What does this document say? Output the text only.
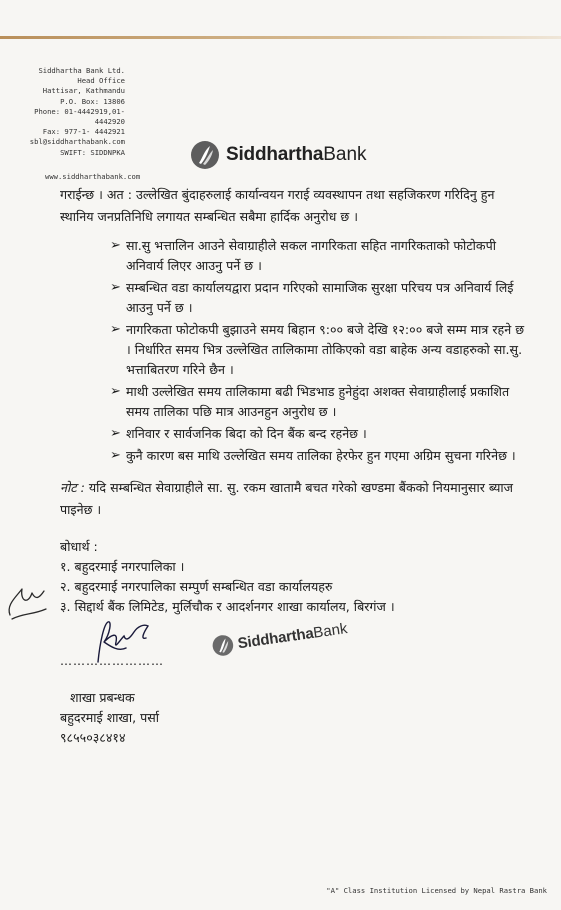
Siddhartha Bank Ltd.
Head Office
Hattisar, Kathmandu
P.O. Box: 13806
Phone: 01-4442919,01-
4442920
Fax: 977-1- 4442921
sbl@siddharthabank.com
SWIFT: SIDDNPKA	SiddharthaBank
www.siddharthabank.com

गराईन्छ । अत : उल्लेखित बुंदाहरुलाई कार्यान्वयन गराई व्यवस्थापन तथा सहजिकरण गरिदिनु हुन स्थानिय जनप्रतिनिधि लगायत सम्बन्धित सबैमा हार्दिक अनुरोध छ ।

➢ सा.सु भत्तालिन आउने सेवाग्राहीले सकल नागरिकता सहित नागरिकताको फोटोकपी अनिवार्य लिएर आउनु पर्ने छ ।
➢ सम्बन्धित वडा कार्यालयद्वारा प्रदान गरिएको सामाजिक सुरक्षा परिचय पत्र अनिवार्य लिई आउनु पर्ने छ ।
➢ नागरिकता फोटोकपी बुझाउने समय बिहान ९:०० बजे देखि १२:०० बजे सम्म मात्र रहने छ । निर्धारित समय भित्र उल्लेखित तालिकामा तोकिएको वडा बाहेक अन्य वडाहरुको सा.सु. भत्ताबितरण गरिने छैन ।
➢ माथी उल्लेखित समय तालिकामा बढी भिडभाड हुनेहुंदा अशक्त सेवाग्राहीलाई प्रकाशित समय तालिका पछि मात्र आउनहुन अनुरोध छ ।
➢ शनिवार र सार्वजनिक बिदा को दिन बैंक बन्द रहनेछ ।
➢ कुनै कारण बस माथि उल्लेखित समय तालिका हेरफेर हुन गएमा अग्रिम सुचना गरिनेछ ।

नोट : यदि सम्बन्धित सेवाग्राहीले सा. सु. रकम खातामै बचत गरेको खण्डमा बैंकको नियमानुसार ब्याज पाइनेछ ।

बोधार्थ :
१. बहुदरमाई नगरपालिका ।
२. बहुदरमाई नगरपालिका सम्पुर्ण सम्बन्धित वडा कार्यालयहरु
३. सिद्दार्थ बैंक लिमिटेड, मुर्लिचौक र आदर्शनगर शाखा कार्यालय, बिरगंज ।
……………………
SiddharthaBank
शाखा प्रबन्धक
बहुदरमाई शाखा, पर्सा
९८५५०३८४१४
"A" Class Institution Licensed by Nepal Rastra Bank
